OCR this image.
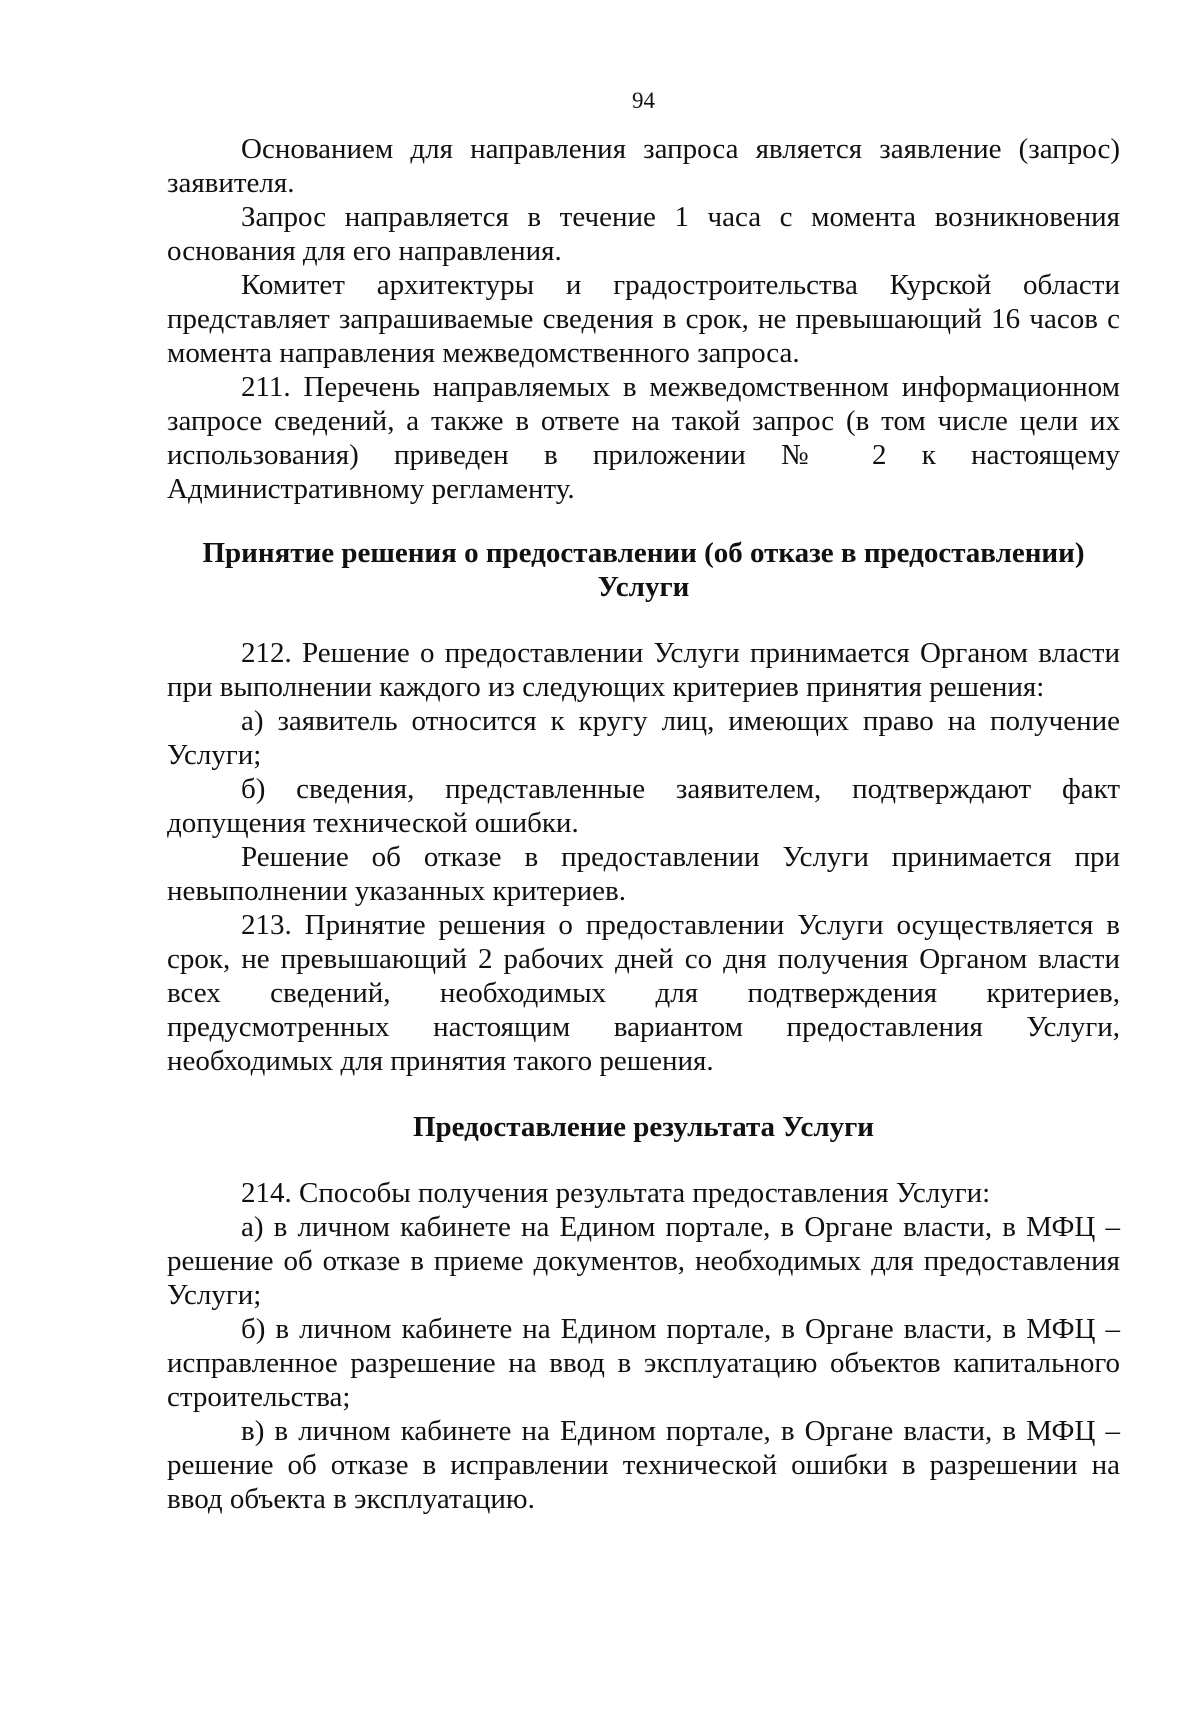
94

Основанием для направления запроса является заявление (запрос) заявителя.

Запрос направляется в течение 1 часа с момента возникновения основания для его направления.

Комитет архитектуры и градостроительства Курской области представляет запрашиваемые сведения в срок, не превышающий 16 часов с момента направления межведомственного запроса.

211. Перечень направляемых в межведомственном информационном запросе сведений, а также в ответе на такой запрос (в том числе цели их использования) приведен в приложении № 2 к настоящему Административному регламенту.

Принятие решения о предоставлении (об отказе в предоставлении) Услуги

212. Решение о предоставлении Услуги принимается Органом власти при выполнении каждого из следующих критериев принятия решения:

а) заявитель относится к кругу лиц, имеющих право на получение Услуги;

б) сведения, представленные заявителем, подтверждают факт допущения технической ошибки.

Решение об отказе в предоставлении Услуги принимается при невыполнении указанных критериев.

213. Принятие решения о предоставлении Услуги осуществляется в срок, не превышающий 2 рабочих дней со дня получения Органом власти всех сведений, необходимых для подтверждения критериев, предусмотренных настоящим вариантом предоставления Услуги, необходимых для принятия такого решения.

Предоставление результата Услуги

214. Способы получения результата предоставления Услуги:

а) в личном кабинете на Едином портале, в Органе власти, в МФЦ – решение об отказе в приеме документов, необходимых для предоставления Услуги;

б) в личном кабинете на Едином портале, в Органе власти, в МФЦ – исправленное разрешение на ввод в эксплуатацию объектов капитального строительства;

в) в личном кабинете на Едином портале, в Органе власти, в МФЦ – решение об отказе в исправлении технической ошибки в разрешении на ввод объекта в эксплуатацию.
